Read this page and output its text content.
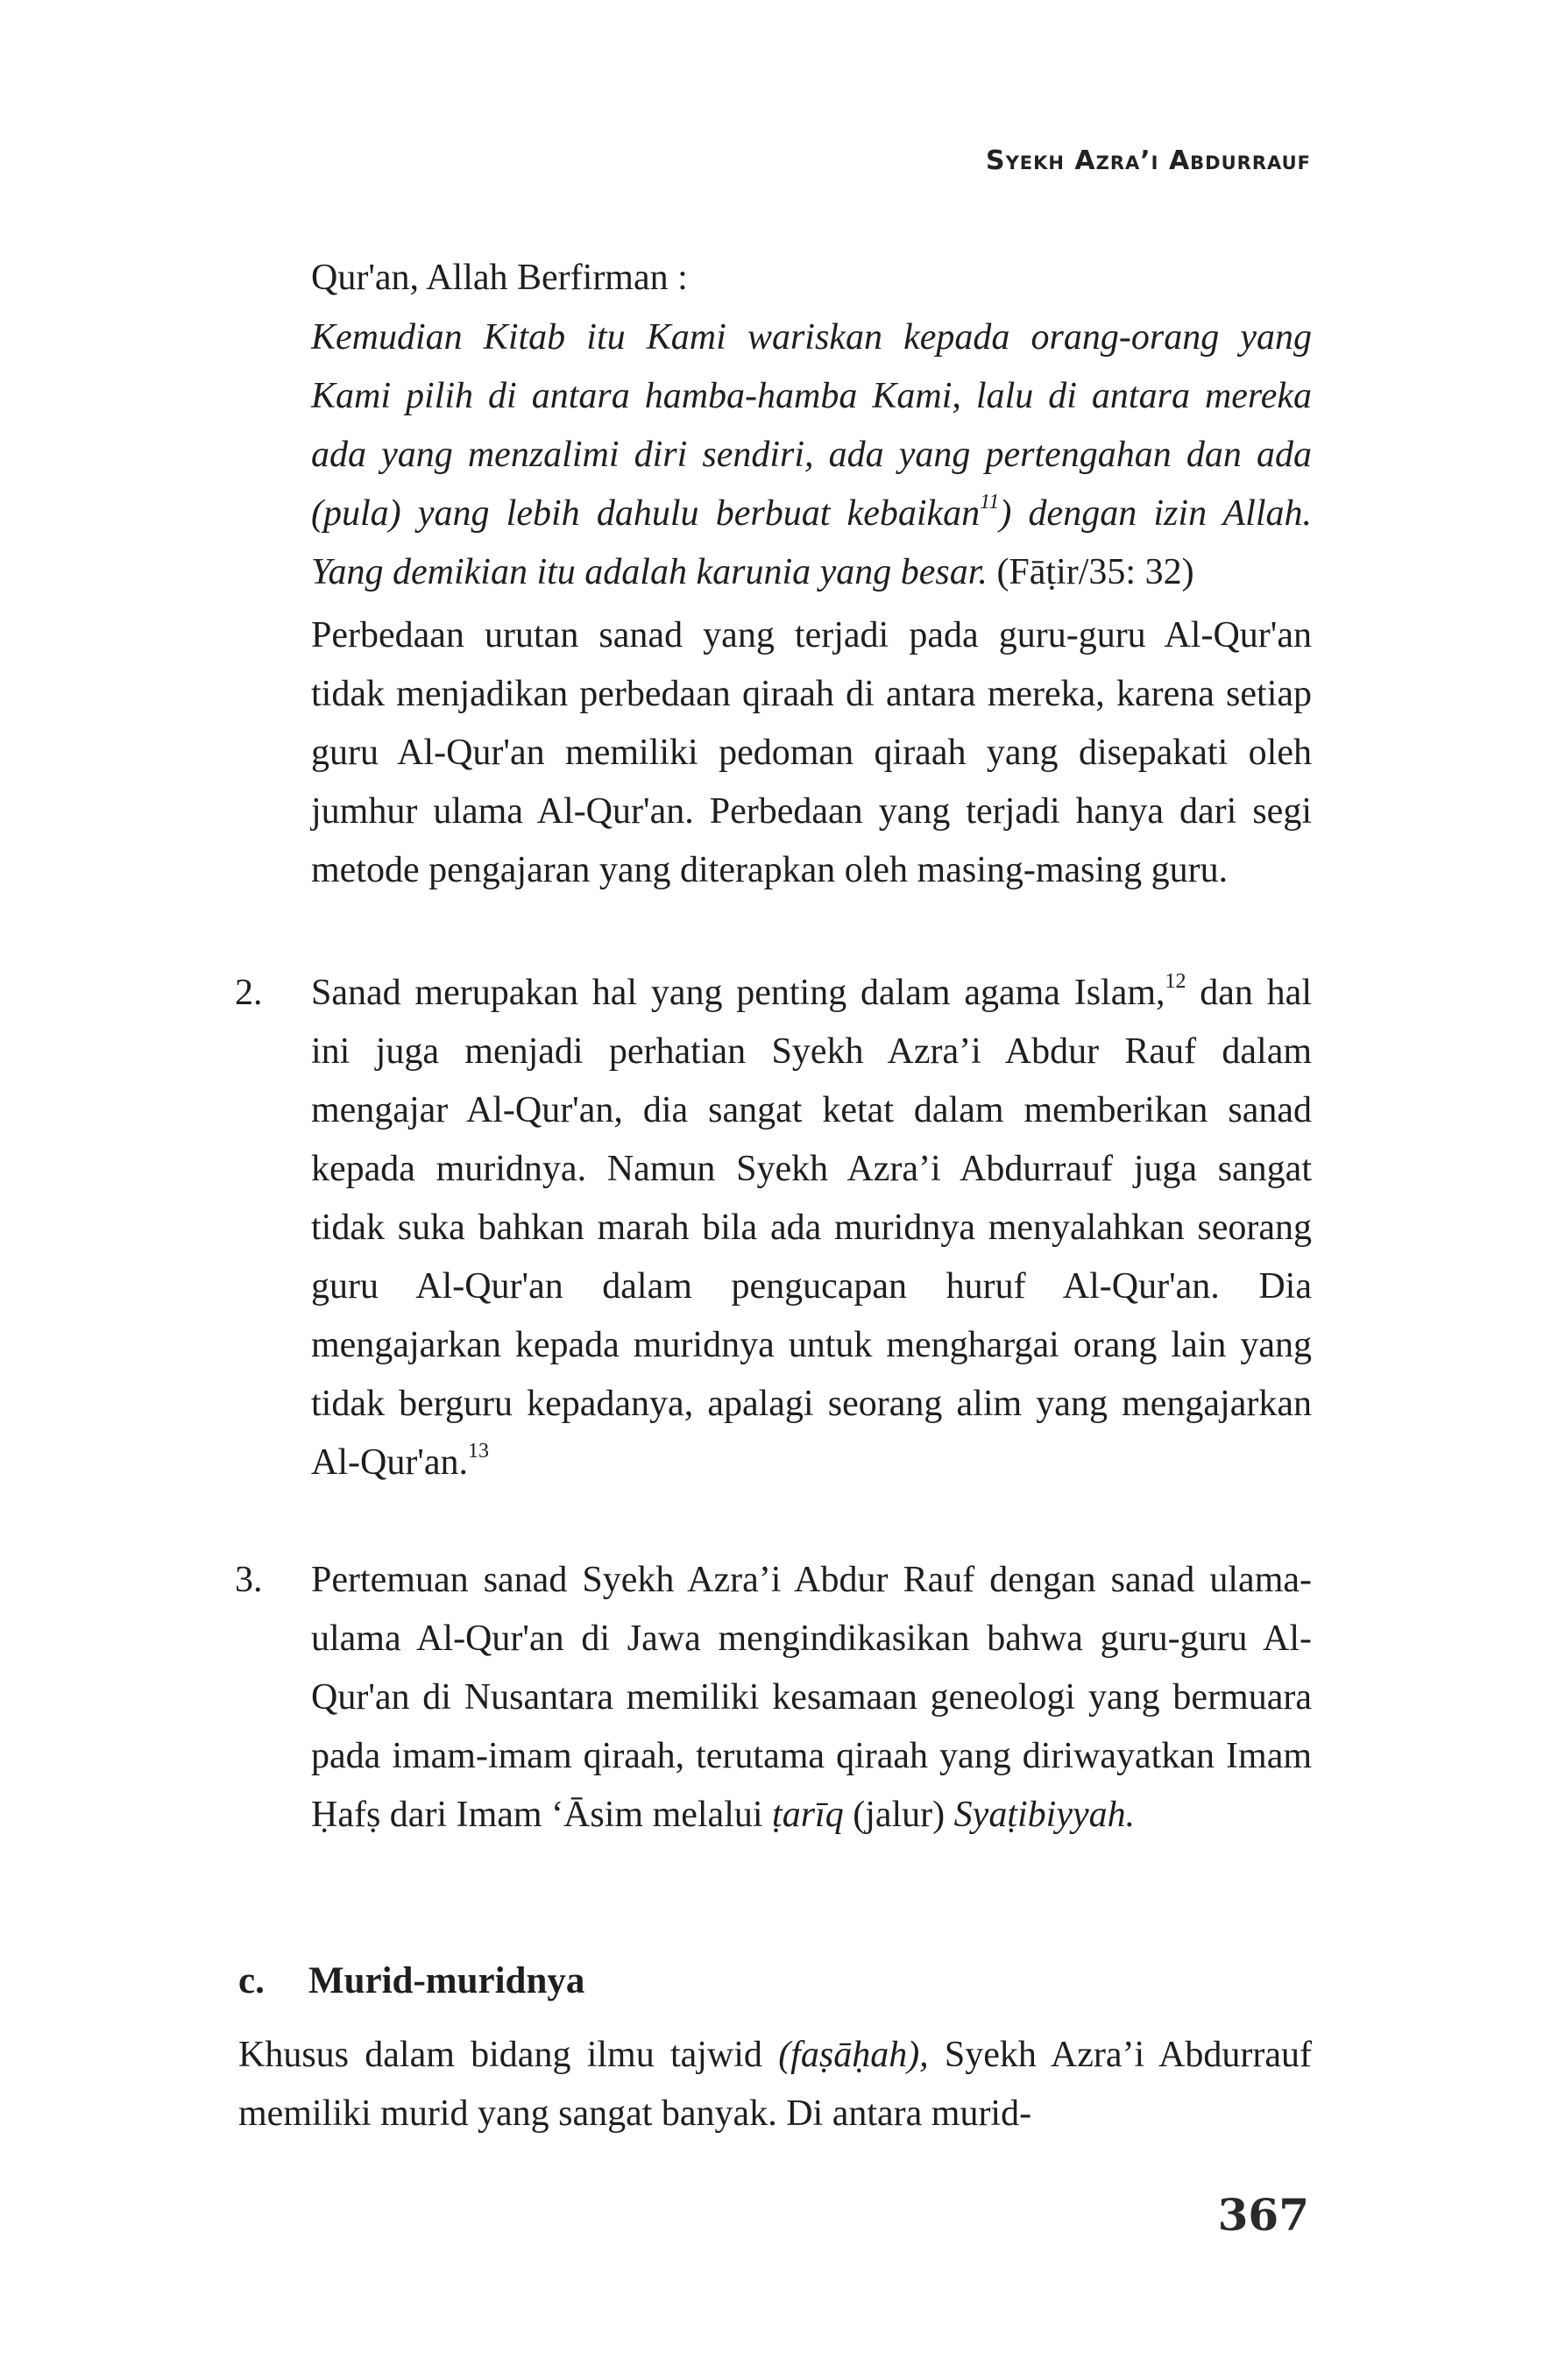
Syekh Azra’i Abdurrauf
Qur'an, Allah Berfirman :
Kemudian Kitab itu Kami wariskan kepada orang-orang yang Kami pilih di antara hamba-hamba Kami, lalu di antara mereka ada yang menzalimi diri sendiri, ada yang pertengahan dan ada (pula) yang lebih dahulu berbuat kebaikan$^{11}$) dengan izin Allah. Yang demikian itu adalah karunia yang besar. (Fāṭir/35: 32)
Perbedaan urutan sanad yang terjadi pada guru-guru Al-Qur'an tidak menjadikan perbedaan qiraah di antara mereka, karena setiap guru Al-Qur'an memiliki pedoman qiraah yang disepakati oleh jumhur ulama Al-Qur'an. Perbedaan yang terjadi hanya dari segi metode pengajaran yang diterapkan oleh masing-masing guru.
2.	Sanad merupakan hal yang penting dalam agama Islam,$^{12}$ dan hal ini juga menjadi perhatian Syekh Azra’i Abdur Rauf dalam mengajar Al-Qur'an, dia sangat ketat dalam memberikan sanad kepada muridnya. Namun Syekh Azra’i Abdurrauf juga sangat tidak suka bahkan marah bila ada muridnya menyalahkan seorang guru Al-Qur'an dalam pengucapan huruf Al-Qur'an. Dia mengajarkan kepada muridnya untuk menghargai orang lain yang tidak berguru kepadanya, apalagi seorang alim yang mengajarkan Al-Qur'an.$^{13}$
3.	Pertemuan sanad Syekh Azra’i Abdur Rauf dengan sanad ulama-ulama Al-Qur'an di Jawa mengindikasikan bahwa guru-guru Al-Qur'an di Nusantara memiliki kesamaan geneologi yang bermuara pada imam-imam qiraah, terutama qiraah yang diriwayatkan Imam Ḥafṣ dari Imam ‘Āsim melalui ṭarīq (jalur) Syaṭibiyyah.
c. Murid-muridnya
Khusus dalam bidang ilmu tajwid (faṣāḥah), Syekh Azra’i Abdurrauf memiliki murid yang sangat banyak. Di antara murid-
367
